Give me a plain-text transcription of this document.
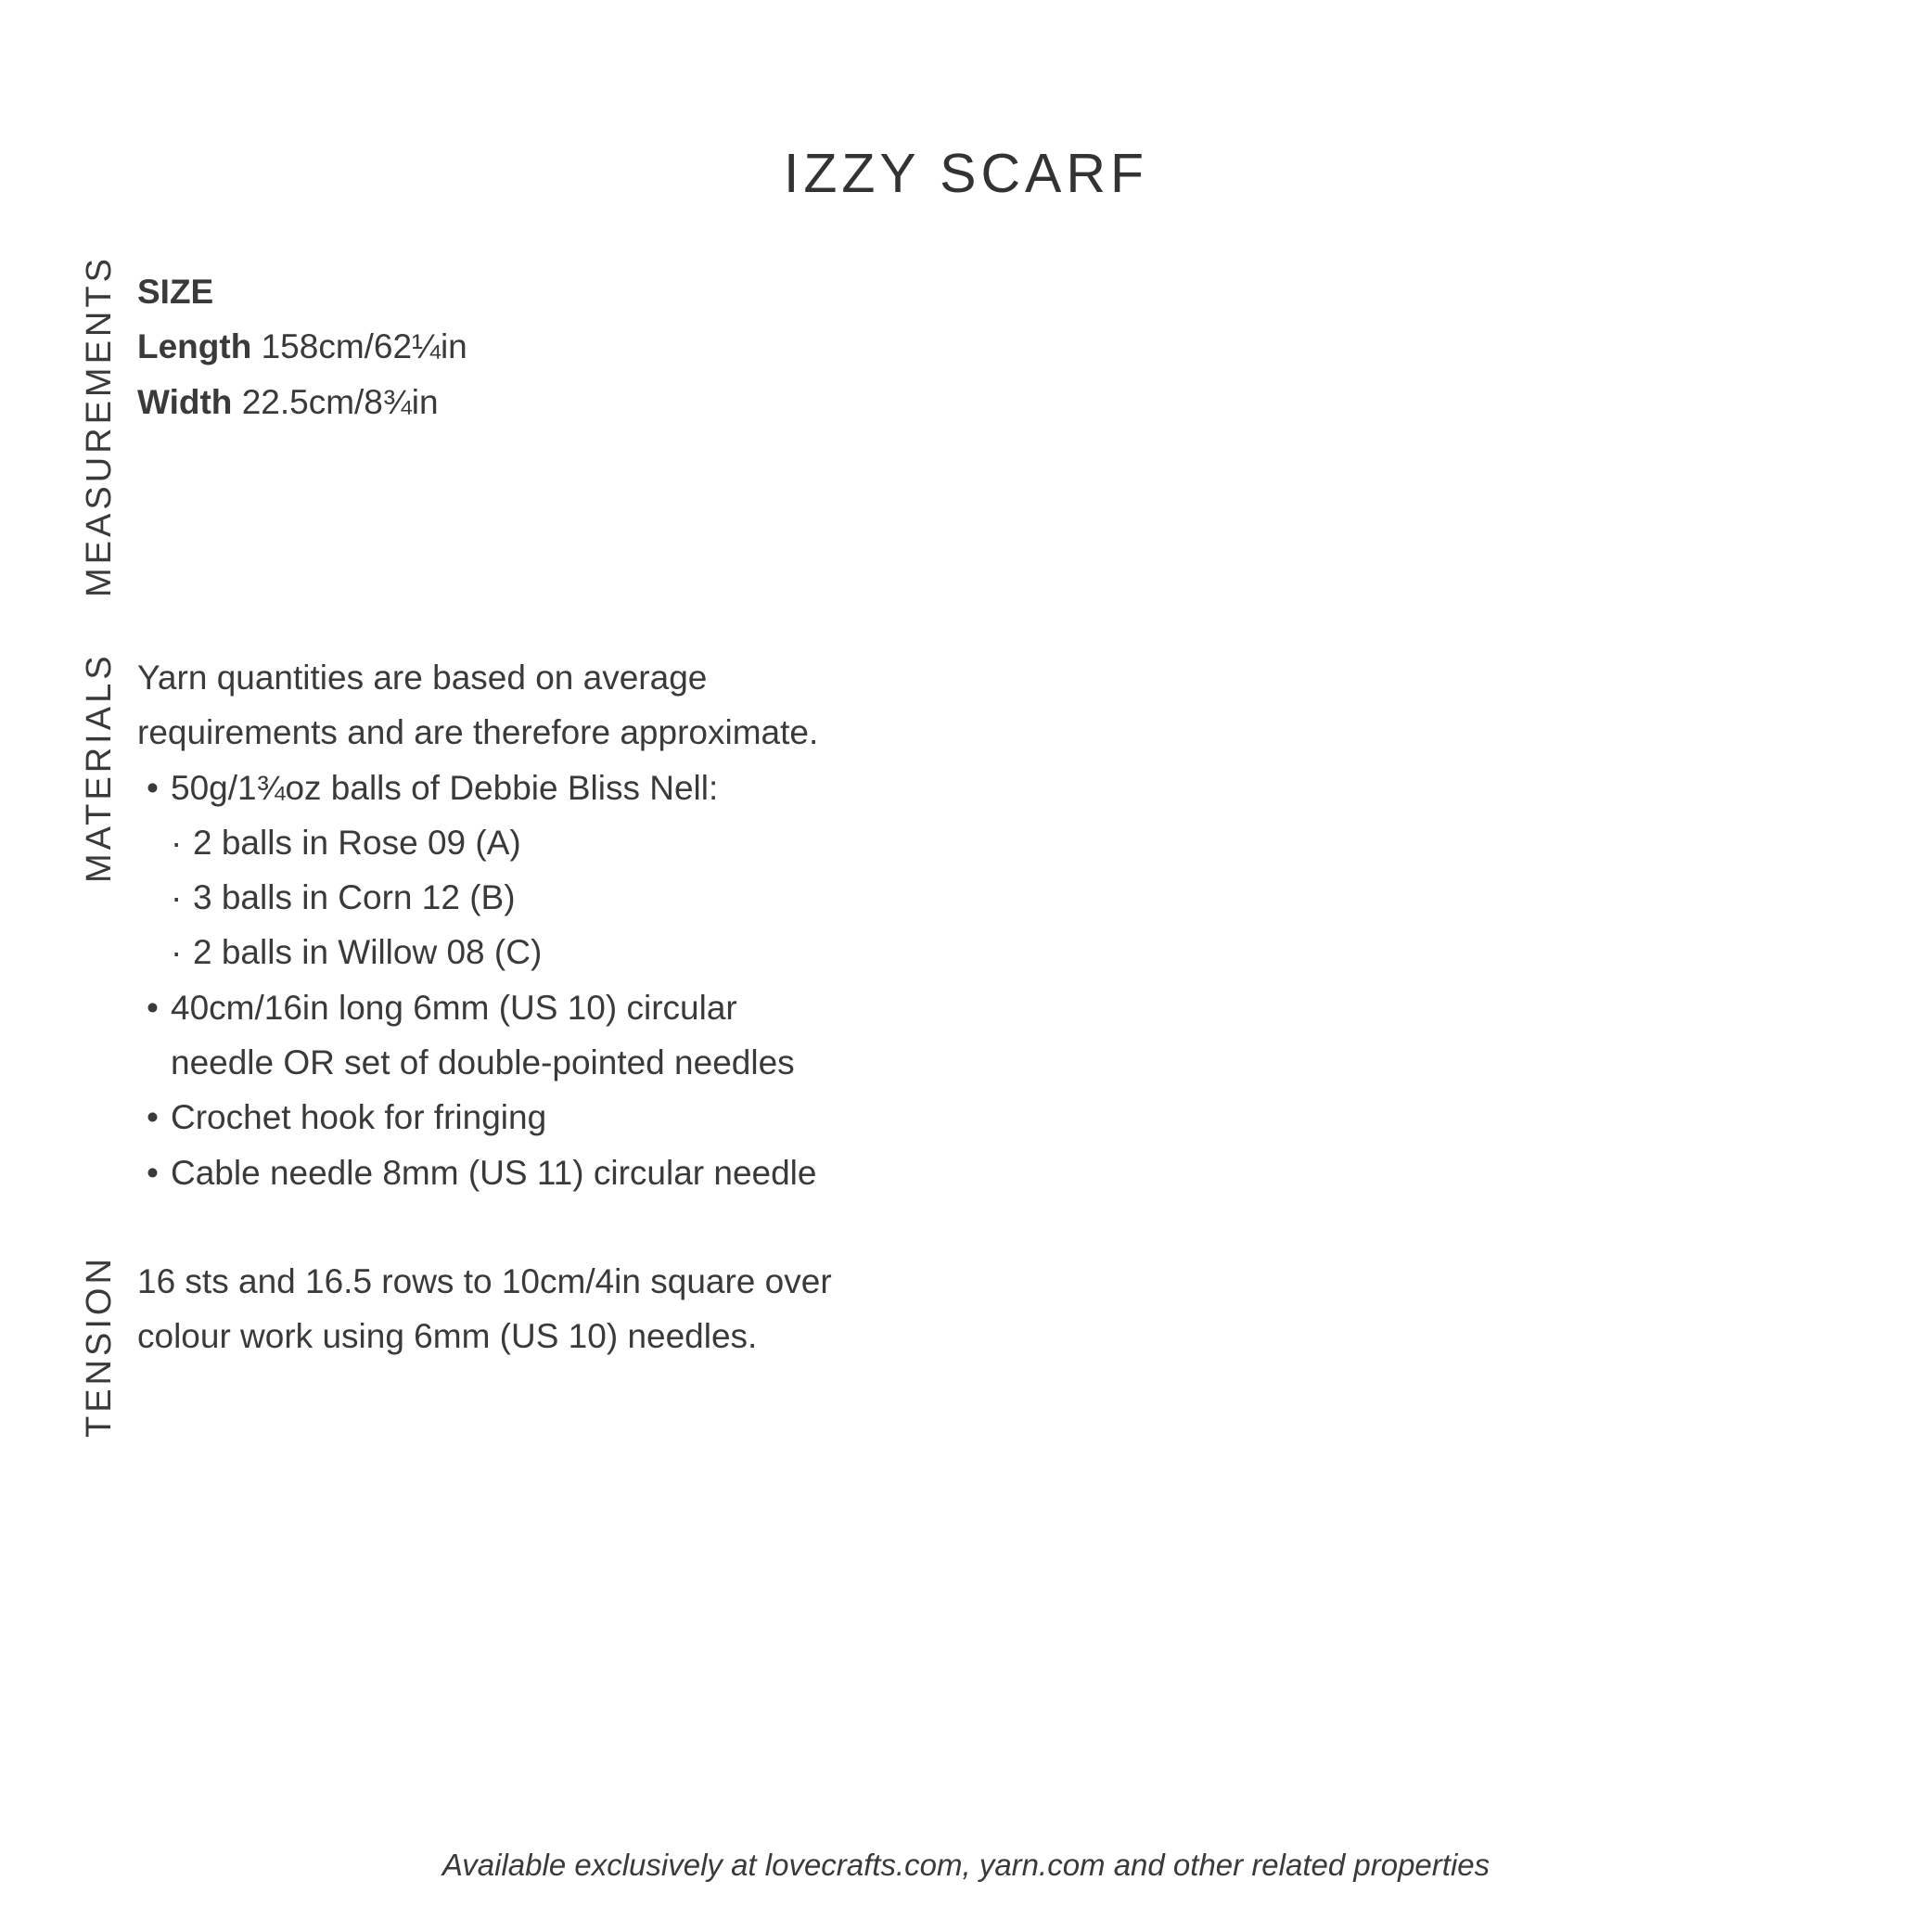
IZZY SCARF
MEASUREMENTS SIZE
Length 158cm/62¼in
Width 22.5cm/8¾in
MATERIALS Yarn quantities are based on average
requirements and are therefore approximate.
• 50g/1¾oz balls of Debbie Bliss Nell:
· 2 balls in Rose 09 (A)
· 3 balls in Corn 12 (B)
· 2 balls in Willow 08 (C)
• 40cm/16in long 6mm (US 10) circular
needle OR set of double-pointed needles
• Crochet hook for fringing
• Cable needle 8mm (US 11) circular needle
TENSION 16 sts and 16.5 rows to 10cm/4in square over
colour work using 6mm (US 10) needles.
Available exclusively at lovecrafts.com, yarn.com and other related properties
